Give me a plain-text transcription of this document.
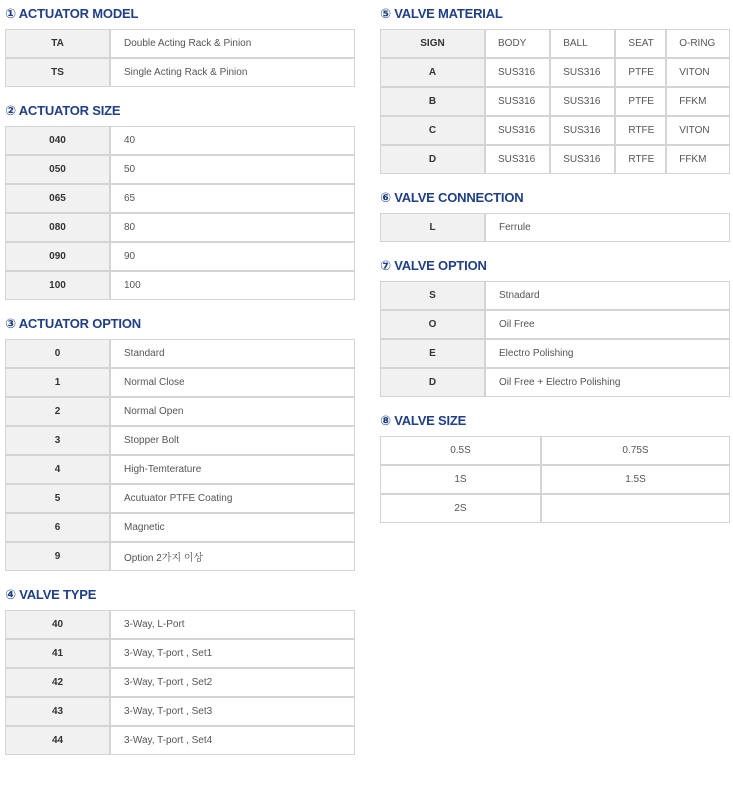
① ACTUATOR MODEL
TA	Double Acting Rack & Pinion
TS	Single Acting Rack & Pinion
② ACTUATOR SIZE
040	40
050	50
065	65
080	80
090	90
100	100
③ ACTUATOR OPTION
0	Standard
1	Normal Close
2	Normal Open
3	Stopper Bolt
4	High-Temterature
5	Acutuator PTFE Coating
6	Magnetic
9	Option 2가지 이상
④ VALVE TYPE
40	3-Way, L-Port
41	3-Way, T-port , Set1
42	3-Way, T-port , Set2
43	3-Way, T-port , Set3
44	3-Way, T-port , Set4
⑤ VALVE MATERIAL
SIGN	BODY	BALL	SEAT	O-RING
A	SUS316	SUS316	PTFE	VITON
B	SUS316	SUS316	PTFE	FFKM
C	SUS316	SUS316	RTFE	VITON
D	SUS316	SUS316	RTFE	FFKM
⑥ VALVE CONNECTION
L	Ferrule
⑦ VALVE OPTION
S	Stnadard
O	Oil Free
E	Electro Polishing
D	Oil Free + Electro Polishing
⑧ VALVE SIZE
0.5S	0.75S
1S	1.5S
2S	
